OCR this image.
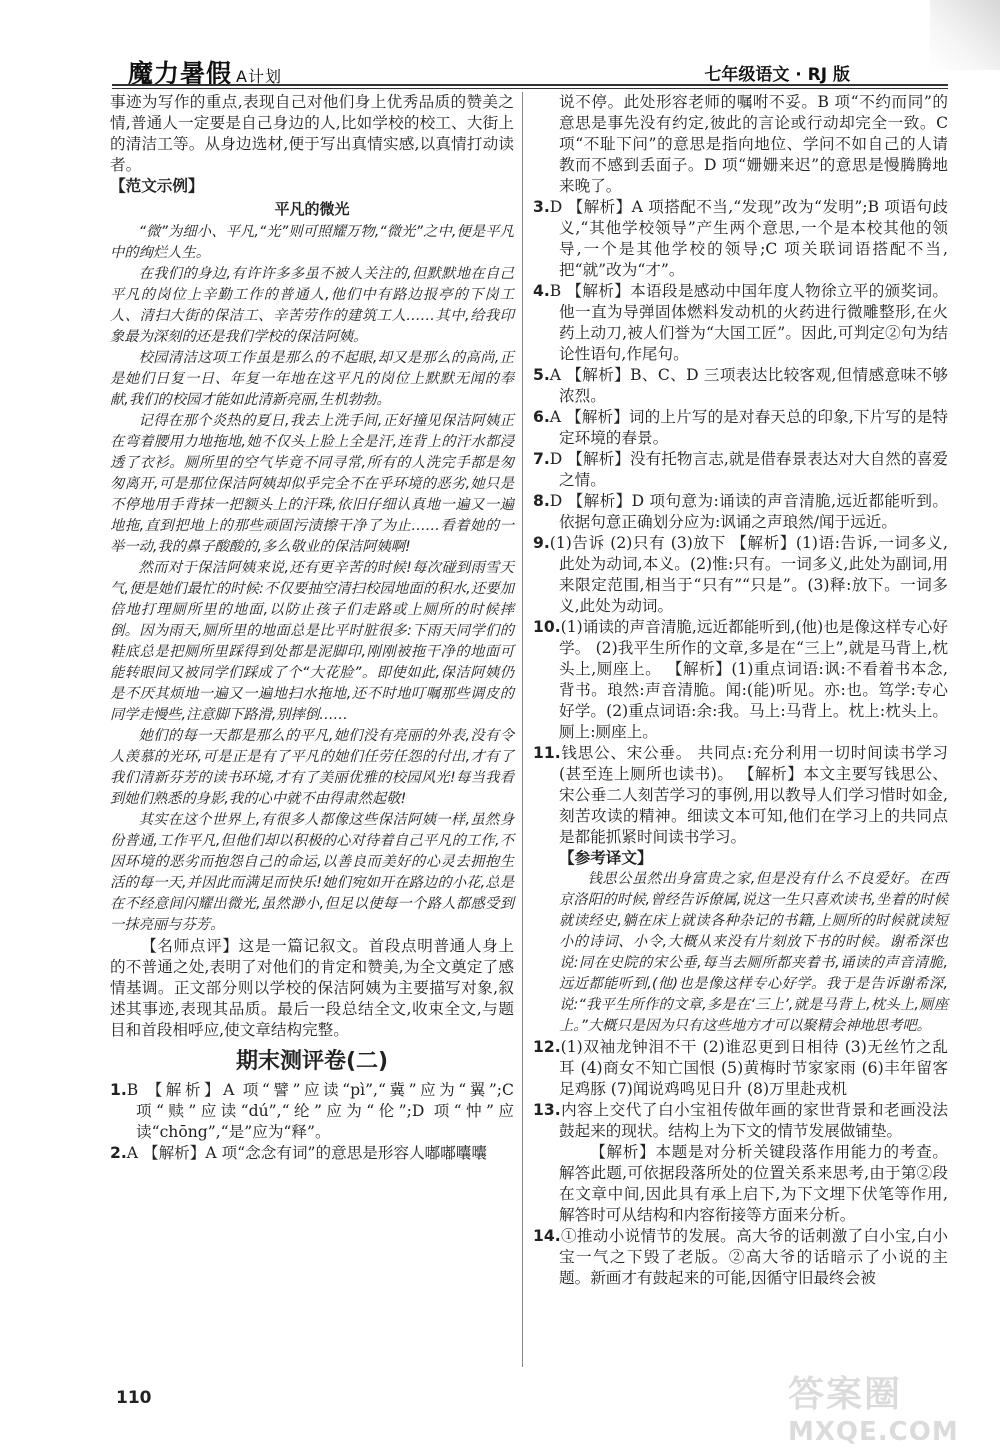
魔力暑假 A计划	七年级语文 · RJ 版

事迹为写作的重点,表现自己对他们身上优秀品质的赞美之情,普通人一定要是自己身边的人,比如学校的校工、大街上的清洁工等。从身边选材,便于写出真情实感,以真情打动读者。

【范文示例】

平凡的微光

“微”为细小、平凡,“光”则可照耀万物,“微光”之中,便是平凡中的绚烂人生。

在我们的身边,有许许多多虽不被人关注的,但默默地在自己平凡的岗位上辛勤工作的普通人,他们中有路边报亭的下岗工人、清扫大街的保洁工、辛苦劳作的建筑工人……其中,给我印象最为深刻的还是我们学校的保洁阿姨。

校园清洁这项工作虽是那么的不起眼,却又是那么的高尚,正是她们日复一日、年复一年地在这平凡的岗位上默默无闻的奉献,我们的校园才能如此清新亮丽,生机勃勃。

记得在那个炎热的夏日,我去上洗手间,正好撞见保洁阿姨正在弯着腰用力地拖地,她不仅头上脸上全是汗,连背上的汗水都浸透了衣衫。厕所里的空气毕竟不同寻常,所有的人洗完手都是匆匆离开,可是那位保洁阿姨却似乎完全不在乎环境的恶劣,她只是不停地用手背抹一把额头上的汗珠,依旧仔细认真地一遍又一遍地拖,直到把地上的那些顽固污渍擦干净了为止……看着她的一举一动,我的鼻子酸酸的,多么敬业的保洁阿姨啊!

然而对于保洁阿姨来说,还有更辛苦的时候!每次碰到雨雪天气,便是她们最忙的时候:不仅要抽空清扫校园地面的积水,还要加倍地打理厕所里的地面,以防止孩子们走路或上厕所的时候摔倒。因为雨天,厕所里的地面总是比平时脏很多:下雨天同学们的鞋底总是把厕所里踩得到处都是泥脚印,刚刚被拖干净的地面可能转眼间又被同学们踩成了个“大花脸”。即使如此,保洁阿姨仍是不厌其烦地一遍又一遍地扫水拖地,还不时地叮嘱那些调皮的同学走慢些,注意脚下路滑,别摔倒……

她们的每一天都是那么的平凡,她们没有亮丽的外表,没有令人羡慕的光环,可是正是有了平凡的她们任劳任怨的付出,才有了我们清新芬芳的读书环境,才有了美丽优雅的校园风光!每当我看到她们熟悉的身影,我的心中就不由得肃然起敬!

其实在这个世界上,有很多人都像这些保洁阿姨一样,虽然身份普通,工作平凡,但他们却以积极的心对待着自己平凡的工作,不因环境的恶劣而抱怨自己的命运,以善良而美好的心灵去拥抱生活的每一天,并因此而满足而快乐!她们宛如开在路边的小花,总是在不经意间闪耀出微光,虽然渺小,但足以使每一个路人都感受到一抹亮丽与芬芳。

【名师点评】这是一篇记叙文。首段点明普通人身上的不普通之处,表明了对他们的肯定和赞美,为全文奠定了感情基调。正文部分则以学校的保洁阿姨为主要描写对象,叙述其事迹,表现其品质。最后一段总结全文,收束全文,与题目和首段相呼应,使文章结构完整。

期末测评卷(二)
1.B 【解析】A 项“譬”应读“pì”,“冀”应为“翼”;C 项“赎”应读“dú”,“纶”应为“伦”;D 项“忡”应读“chōng”,“是”应为“释”。
2.A 【解析】A 项“念念有词”的意思是形容人嘟嘟囔囔

说不停。此处形容老师的嘱咐不妥。B 项“不约而同”的意思是事先没有约定,彼此的言论或行动却完全一致。C 项“不耻下问”的意思是指向地位、学问不如自己的人请教而不感到丢面子。D 项“姗姗来迟”的意思是慢腾腾地来晚了。

3.D 【解析】A 项搭配不当,“发现”改为“发明”;B 项语句歧义,“其他学校领导”产生两个意思,一个是本校其他的领导,一个是其他学校的领导;C 项关联词语搭配不当,把“就”改为“才”。
4.B 【解析】本语段是感动中国年度人物徐立平的颁奖词。他一直为导弹固体燃料发动机的火药进行微雕整形,在火药上动刀,被人们誉为“大国工匠”。因此,可判定②句为结论性语句,作尾句。
5.A 【解析】B、C、D 三项表达比较客观,但情感意味不够浓烈。
6.A 【解析】词的上片写的是对春天总的印象,下片写的是特定环境的春景。
7.D 【解析】没有托物言志,就是借春景表达对大自然的喜爱之情。
8.D 【解析】D 项句意为:诵读的声音清脆,远近都能听到。依据句意正确划分应为:讽诵之声琅然/闻于远近。
9.(1)告诉 (2)只有 (3)放下 【解析】(1)语:告诉,一词多义,此处为动词,本义。(2)惟:只有。一词多义,此处为副词,用来限定范围,相当于“只有”“只是”。(3)释:放下。一词多义,此处为动词。
10.(1)诵读的声音清脆,远近都能听到,(他)也是像这样专心好学。 (2)我平生所作的文章,多是在“三上”,就是马背上,枕头上,厕座上。 【解析】(1)重点词语:讽:不看着书本念,背书。琅然:声音清脆。闻:(能)听见。亦:也。笃学:专心好学。(2)重点词语:余:我。马上:马背上。枕上:枕头上。厕上:厕座上。
11.钱思公、宋公垂。 共同点:充分利用一切时间读书学习(甚至连上厕所也读书)。 【解析】本文主要写钱思公、宋公垂二人刻苦学习的事例,用以教导人们学习惜时如金,刻苦攻读的精神。细读文本可知,他们在学习上的共同点是都能抓紧时间读书学习。

【参考译文】

钱思公虽然出身富贵之家,但是没有什么不良爱好。在西京洛阳的时候,曾经告诉僚属,说这一生只喜欢读书,坐着的时候就读经史,躺在床上就读各种杂记的书籍,上厕所的时候就读短小的诗词、小令,大概从来没有片刻放下书的时候。谢希深也说:同在史院的宋公垂,每当去厕所都夹着书,诵读的声音清脆,远近都能听到,(他)也是像这样专心好学。我于是告诉谢希深,说:“我平生所作的文章,多是在‘三上’,就是马背上,枕头上,厕座上。”大概只是因为只有这些地方才可以聚精会神地思考吧。

12.(1)双袖龙钟泪不干 (2)谁忍更到日相待 (3)无丝竹之乱耳 (4)商女不知亡国恨 (5)黄梅时节家家雨 (6)丰年留客足鸡豚 (7)闻说鸡鸣见日升 (8)万里赴戎机
13.内容上交代了白小宝祖传做年画的家世背景和老画没法鼓起来的现状。结构上为下文的情节发展做铺垫。

【解析】本题是对分析关键段落作用能力的考查。解答此题,可依据段落所处的位置关系来思考,由于第②段在文章中间,因此具有承上启下,为下文埋下伏笔等作用,解答时可从结构和内容衔接等方面来分析。

14.①推动小说情节的发展。高大爷的话刺激了白小宝,白小宝一气之下毁了老版。②高大爷的话暗示了小说的主题。新画才有鼓起来的可能,因循守旧最终会被
110	答案圈
MXQE.COM
